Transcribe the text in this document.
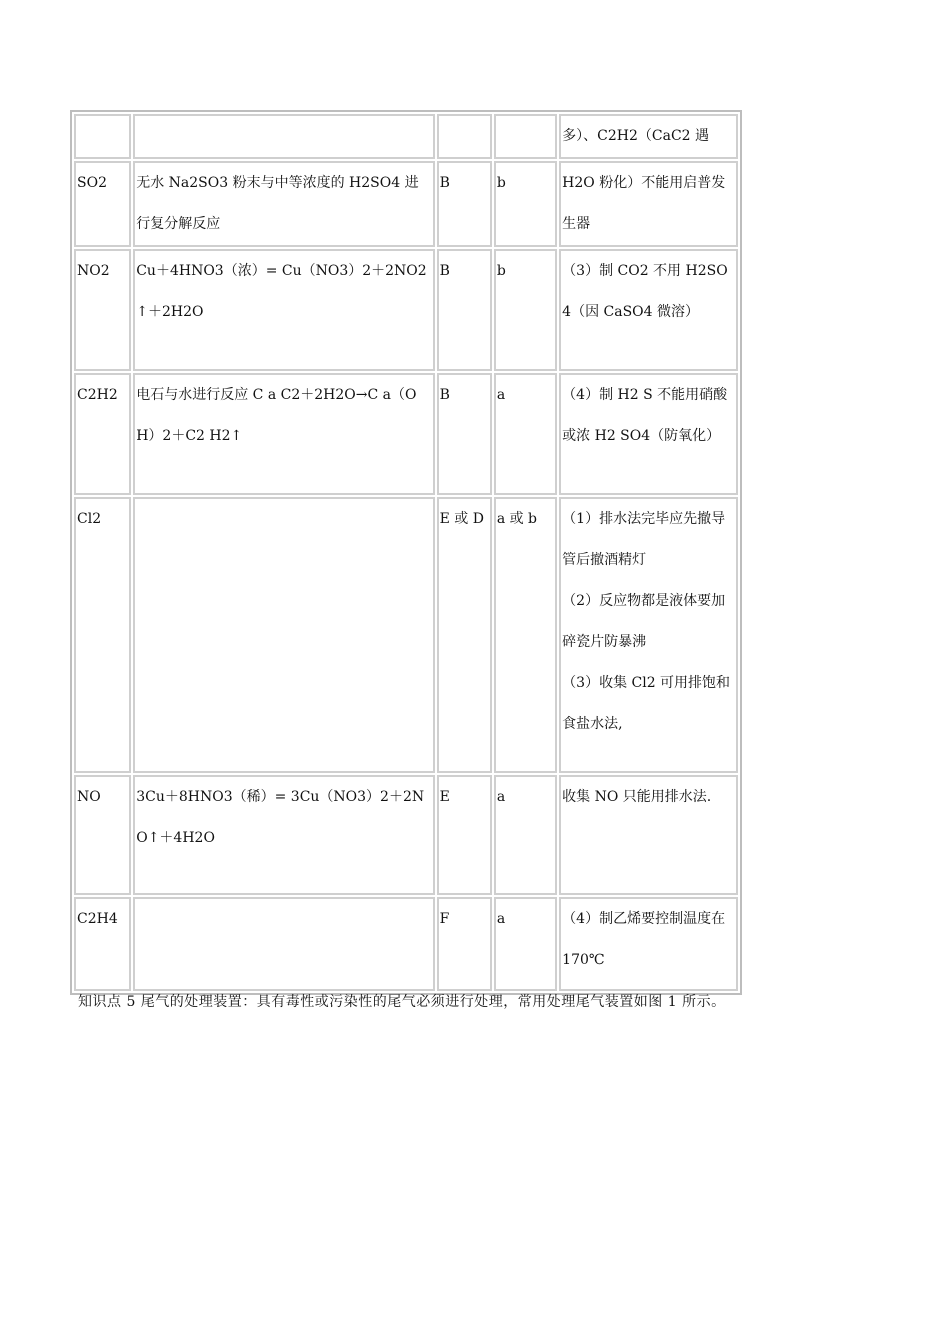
				多）、C2H2（CaC2 遇

SO2	无水 Na2SO3 粉末与中等浓度的 H2SO4 进行复分解反应	B	b	H2O 粉化）不能用启普发生器

NO2	Cu＋4HNO3（浓）= Cu（NO3）2＋2NO2↑＋2H2O	B	b	（3）制 CO2 不用 H2SO4（因 CaSO4 微溶）

C2H2	电石与水进行反应 C a C2＋2H2O→C a（O H）2＋C2 H2↑	B	a	（4）制 H2 S 不能用硝酸或浓 H2 SO4（防氧化）

Cl2		E 或 D	a 或 b	（1）排水法完毕应先撤导管后撤酒精灯
（2）反应物都是液体要加碎瓷片防暴沸
（3）收集 Cl2 可用排饱和食盐水法,

NO	3Cu＋8HNO3（稀）= 3Cu（NO3）2＋2NO↑＋4H2O	E	a	收集 NO 只能用排水法.

C2H4		F	a	（4）制乙烯要控制温度在 170℃
知识点 5 尾气的处理装置：具有毒性或污染性的尾气必须进行处理，常用处理尾气装置如图 1 所示。
